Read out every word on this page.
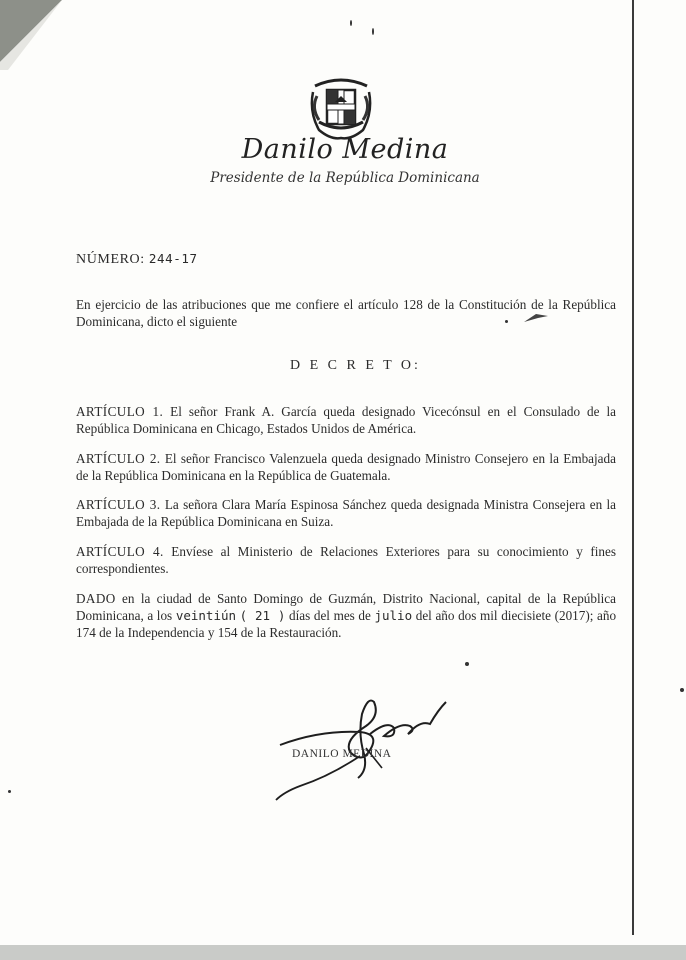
Danilo Medina
Presidente de la República Dominicana
NÚMERO: 244-17
En ejercicio de las atribuciones que me confiere el artículo 128 de la Constitución de la República Dominicana, dicto el siguiente
D E C R E T O:
ARTÍCULO 1. El señor Frank A. García queda designado Vicecónsul en el Consulado de la República Dominicana en Chicago, Estados Unidos de América.
ARTÍCULO 2. El señor Francisco Valenzuela queda designado Ministro Consejero en la Embajada de la República Dominicana en la República de Guatemala.
ARTÍCULO 3. La señora Clara María Espinosa Sánchez queda designada Ministra Consejera en la Embajada de la República Dominicana en Suiza.
ARTÍCULO 4. Envíese al Ministerio de Relaciones Exteriores para su conocimiento y fines correspondientes.
DADO en la ciudad de Santo Domingo de Guzmán, Distrito Nacional, capital de la República Dominicana, a los veintiún ( 21 ) días del mes de julio del año dos mil diecisiete (2017); año 174 de la Independencia y 154 de la Restauración.
DANILO MEDINA
